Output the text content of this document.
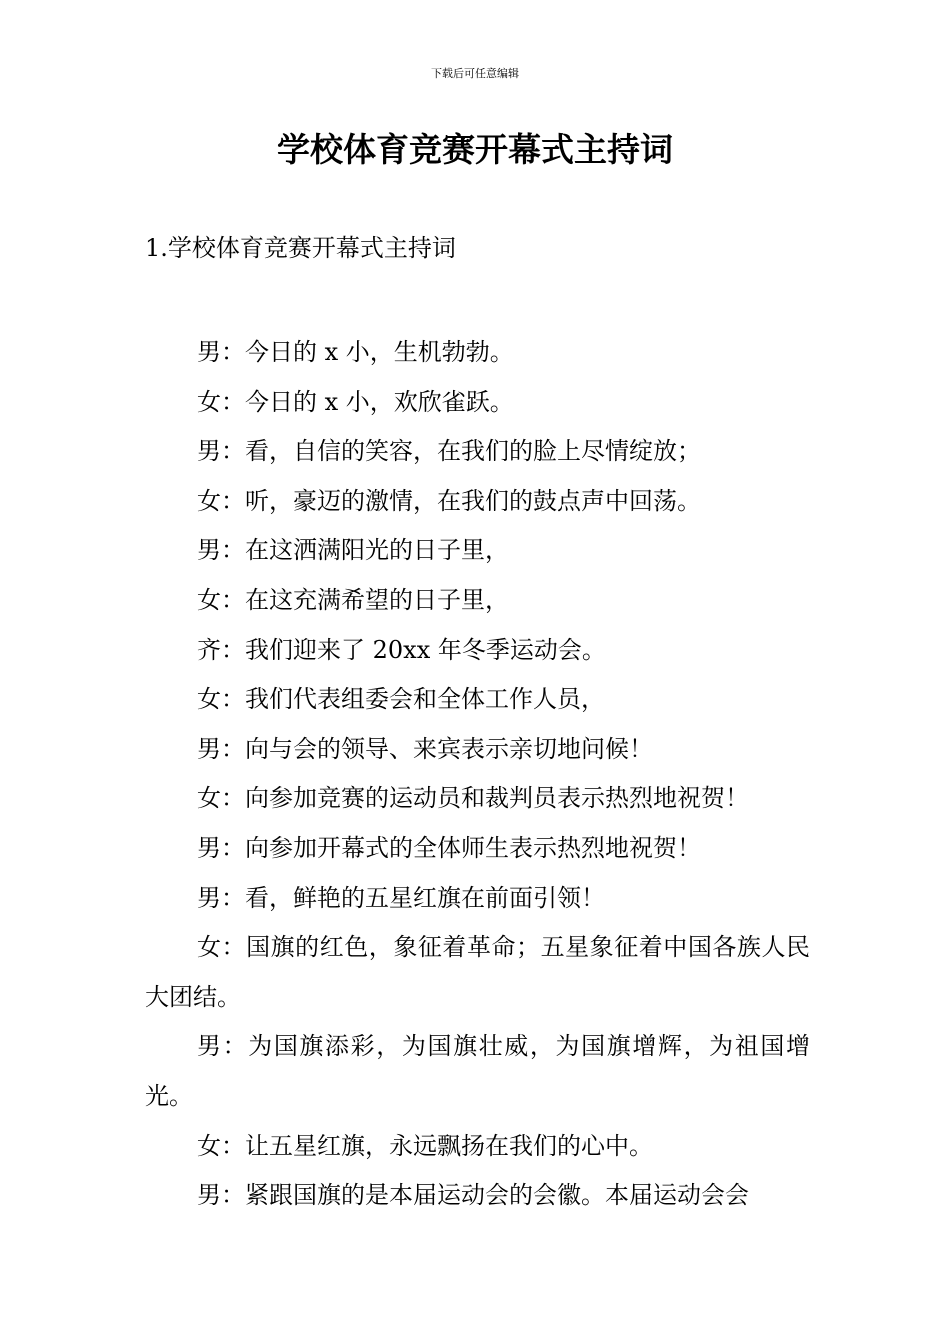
下载后可任意编辑
学校体育竞赛开幕式主持词
1.学校体育竞赛开幕式主持词

男：今日的 x 小，生机勃勃。

女：今日的 x 小，欢欣雀跃。

男：看，自信的笑容，在我们的脸上尽情绽放；

女：听，豪迈的激情，在我们的鼓点声中回荡。

男：在这洒满阳光的日子里，

女：在这充满希望的日子里，

齐：我们迎来了 20xx 年冬季运动会。

女：我们代表组委会和全体工作人员，

男：向与会的领导、来宾表示亲切地问候！

女：向参加竞赛的运动员和裁判员表示热烈地祝贺！

男：向参加开幕式的全体师生表示热烈地祝贺！

男：看，鲜艳的五星红旗在前面引领！

女：国旗的红色，象征着革命；五星象征着中国各族人民大团结。

男：为国旗添彩，为国旗壮威，为国旗增辉，为祖国增光。

女：让五星红旗，永远飘扬在我们的心中。

男：紧跟国旗的是本届运动会的会徽。本届运动会会
